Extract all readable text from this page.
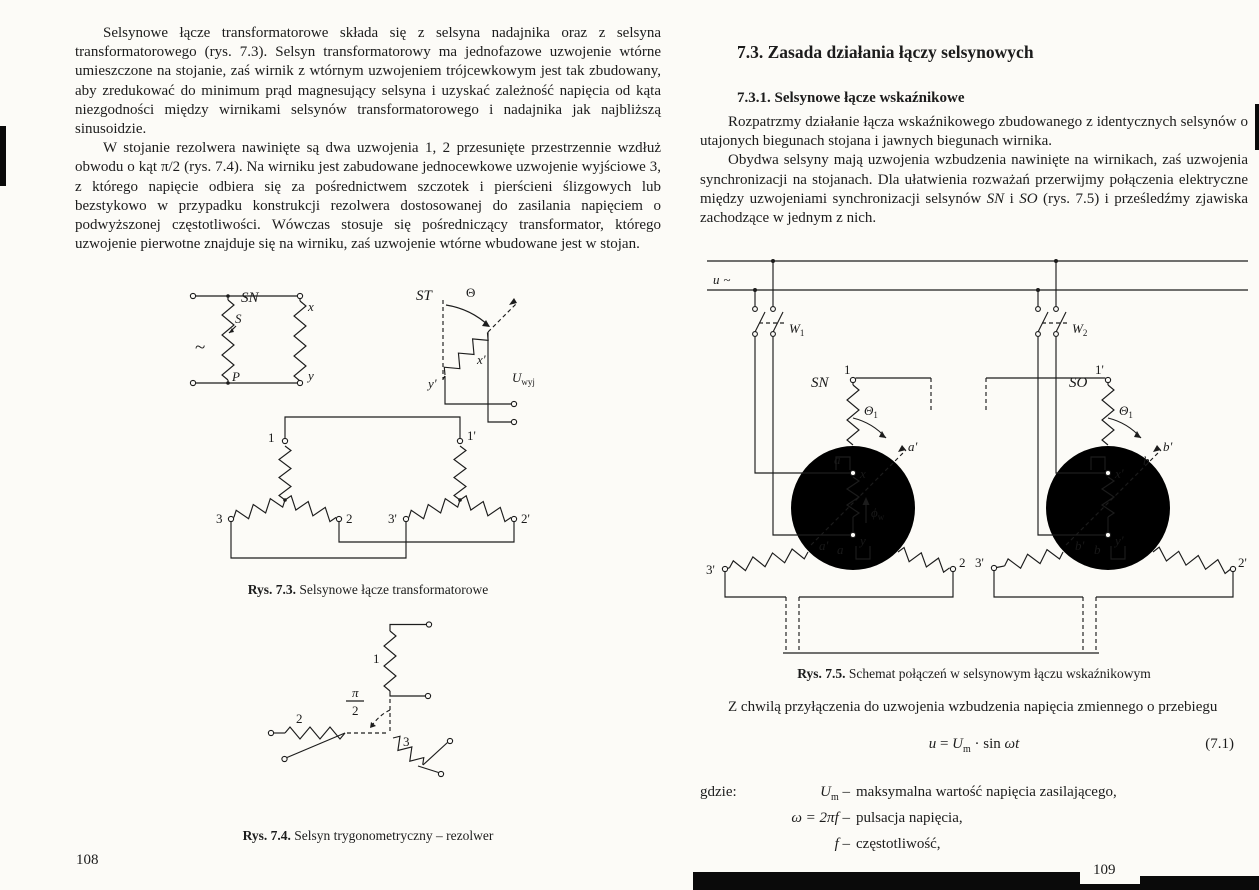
Selsynowe łącze transformatorowe składa się z selsyna nadajnika oraz z selsyna transformatorowego (rys. 7.3). Selsyn transformatorowy ma jednofazowe uzwojenie wtórne umieszczone na stojanie, zaś wirnik z wtórnym uzwojeniem trójcewkowym jest tak zbudowany, aby zredukować do minimum prąd magnesujący selsyna i uzyskać zależność napięcia od kąta niezgodności między wirnikami selsynów transformatorowego i nadajnika jak najbliższą sinusoidzie.

W stojanie rezolwera nawinięte są dwa uzwojenia 1, 2 przesunięte przestrzennie wzdłuż obwodu o kąt π/2 (rys. 7.4). Na wirniku jest zabudowane jednocewkowe uzwojenie wyjściowe 3, z którego napięcie odbiera się za pośrednictwem szczotek i pierścieni ślizgowych lub bezstykowo w przypadku konstrukcji rezolwera dostosowanej do zasilania napięciem o podwyższonej częstotliwości. Wówczas stosuje się pośredniczący transformator, którego uzwojenie pierwotne znajduje się na wirniku, zaś uzwojenie wtórne wbudowane jest w stojan.

SN
~
S
P
x
y
ST
y'
x'
Θ
$U_{wyj}$
1
3	2
1'
3'	2'
Rys. 7.3. Selsynowe łącze transformatorowe
1
2
π
2
3
Rys. 7.4. Selsyn trygonometryczny – rezolwer
108
7.3. Zasada działania łączy selsynowych
7.3.1. Selsynowe łącze wskaźnikowe

Rozpatrzmy działanie łącza wskaźnikowego zbudowanego z identycznych selsynów o utajonych biegunach stojana i jawnych biegunach wirnika.

Obydwa selsyny mają uzwojenia wzbudzenia nawinięte na wirnikach, zaś uzwojenia synchronizacji na stojanach. Dla ułatwienia rozważań przerwijmy połączenia elektryczne między uzwojeniami synchronizacji selsynów SN i SO (rys. 7.5) i prześledźmy zjawiska zachodzące w jednym z nich.

u ~
$W_1$
SN
1
a'
a
a' a
$\Theta_1$
x
y
$\phi_w$
3'	2
$W_2$
SO
1'
b'
b
b' b
$\Theta_1$
x'
y'
3'	2'
Rys. 7.5. Schemat połączeń w selsynowym łączu wskaźnikowym

Z chwilą przyłączenia do uzwojenia wzbudzenia napięcia zmiennego o przebiegu

$u = U_m \cdot \sin \omega t$	(7.1)
gdzie:	$U_m$ – maksymalna wartość napięcia zasilającego,
ω = 2πf – pulsacja napięcia,
f – częstotliwość,
109
